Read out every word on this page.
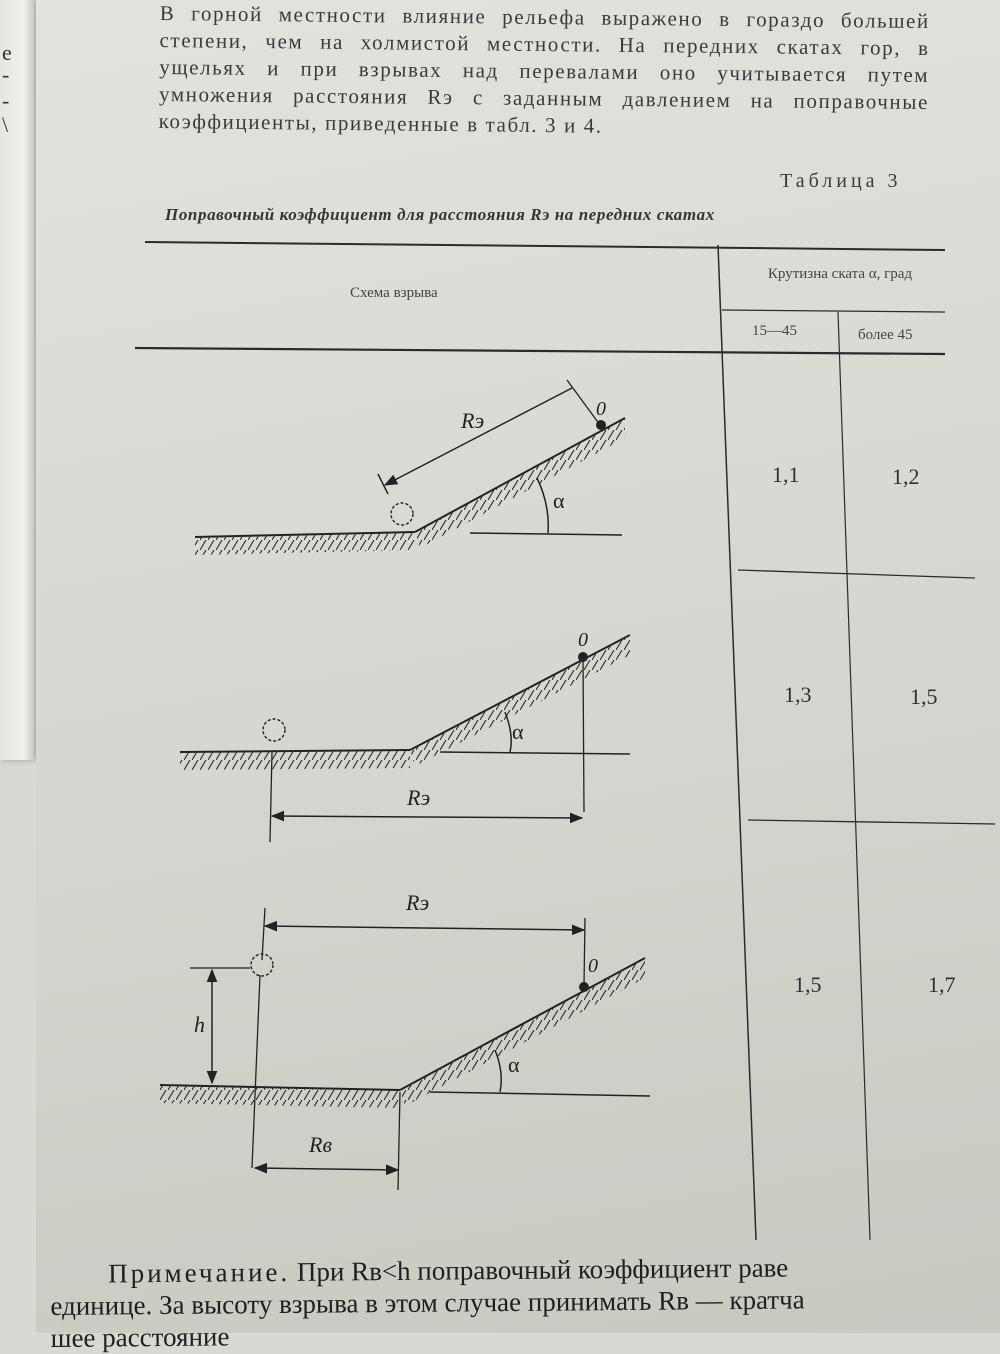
е
-
-
\
В горной местности влияние рельефа выражено в гораздо большей степени, чем на холмистой местности. На передних скатах гор, в ущельях и при взрывах над перевалами оно учитывается путем умножения расстояния Rэ с заданным давлением на поправочные коэффициенты, приведенные в табл. 3 и 4.
Таблица 3
Поправочный коэффициент для расстояния Rэ на передних скатах
Схема взрыва
Крутизна ската α, град
15—45	более 45
1,1	1,2
1,3	1,5
1,5	1,7
Rэ	0
α
0
α
Rэ
Rэ
0
α
h
Rв
Примечание. При Rв<h поправочный коэффициент раве
единице. За высоту взрыва в этом случае принимать Rв — кратча
шее расстояние
